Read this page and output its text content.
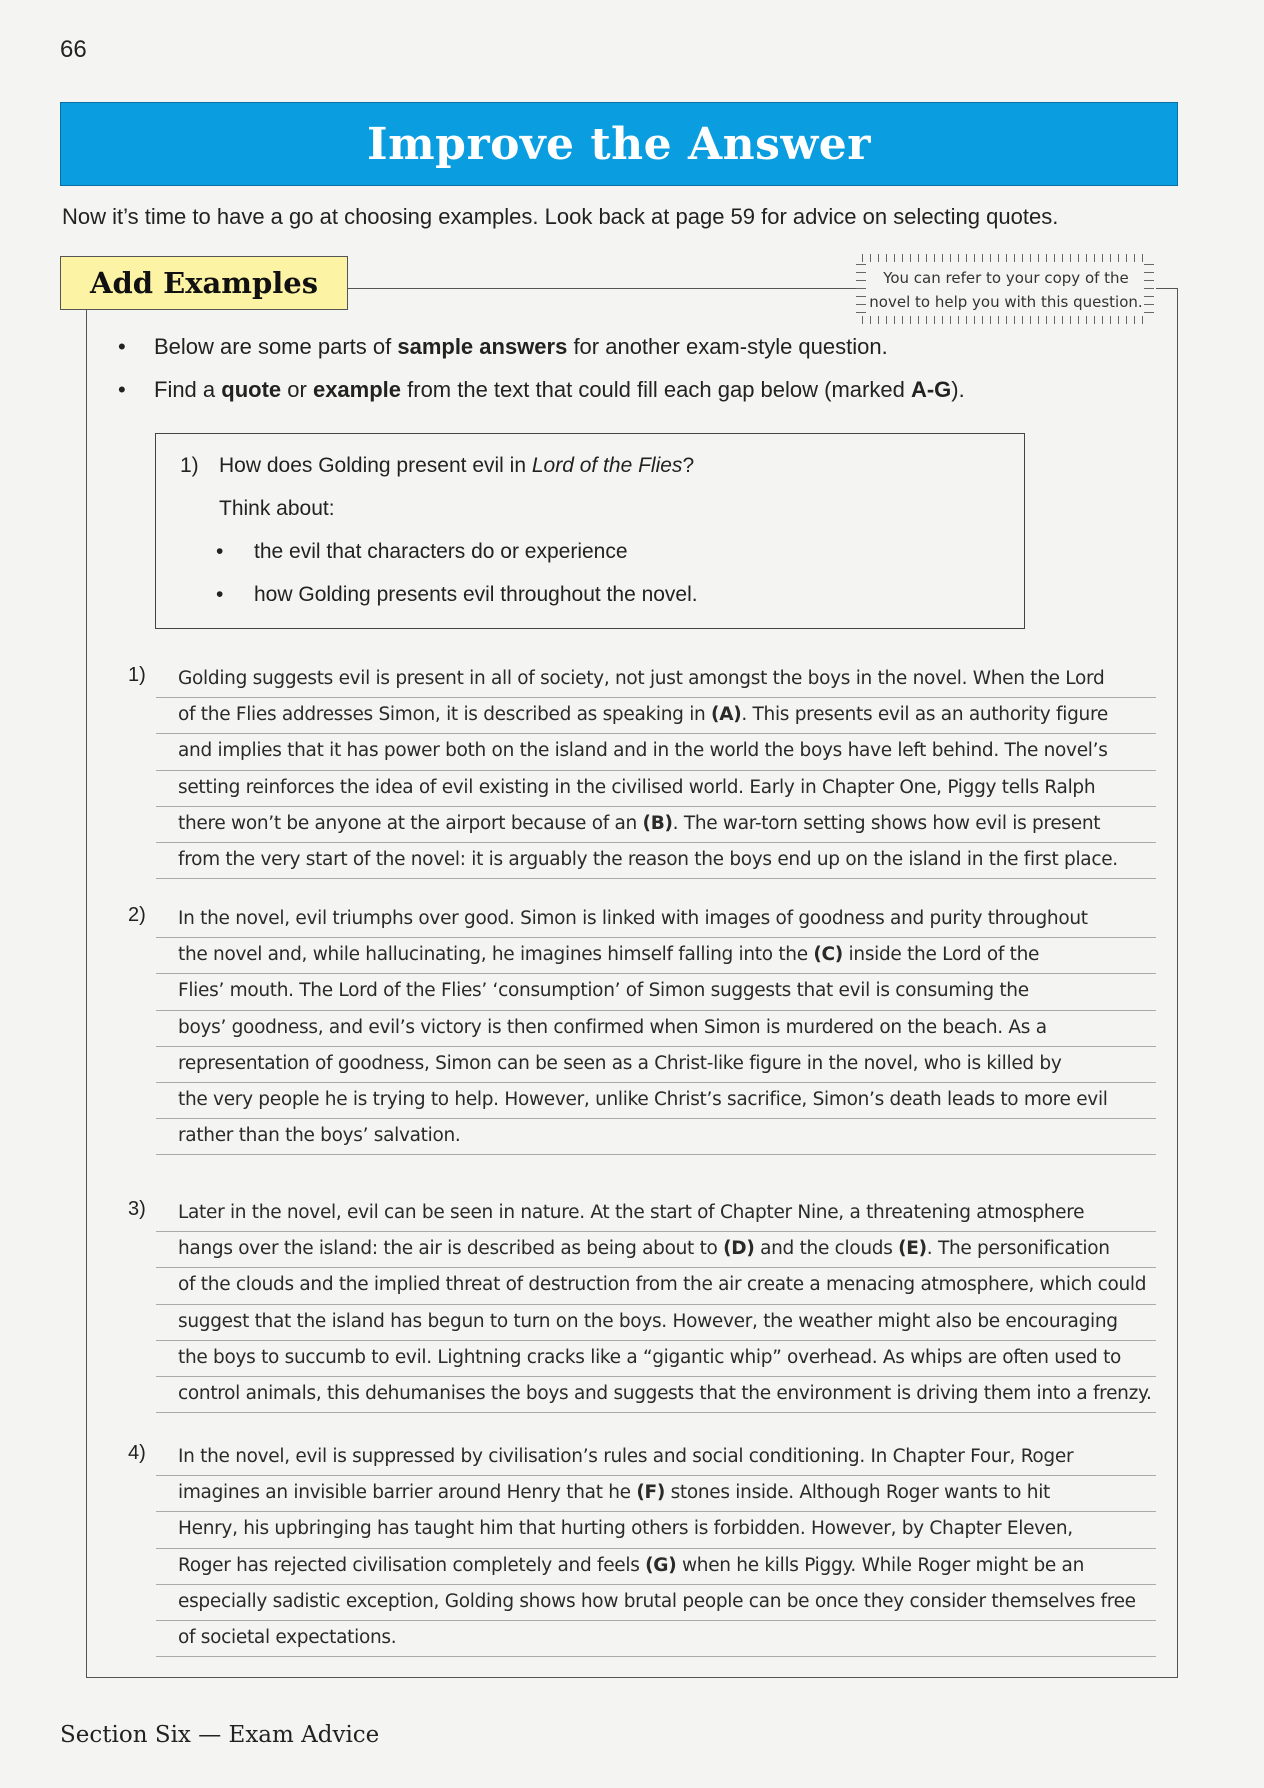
66
Improve the Answer
Now it’s time to have a go at choosing examples. Look back at page 59 for advice on selecting quotes.
Add Examples	You can refer to your copy of the
novel to help you with this question.
• Below are some parts of sample answers for another exam-style question.
• Find a quote or example from the text that could fill each gap below (marked A-G).
1) How does Golding present evil in Lord of the Flies?
Think about:
• the evil that characters do or experience
• how Golding presents evil throughout the novel.
1)	Golding suggests evil is present in all of society, not just amongst the boys in the novel. When the Lord
of the Flies addresses Simon, it is described as speaking in (A). This presents evil as an authority figure
and implies that it has power both on the island and in the world the boys have left behind. The novel’s
setting reinforces the idea of evil existing in the civilised world. Early in Chapter One, Piggy tells Ralph
there won’t be anyone at the airport because of an (B). The war-torn setting shows how evil is present
from the very start of the novel: it is arguably the reason the boys end up on the island in the first place.
2)	In the novel, evil triumphs over good. Simon is linked with images of goodness and purity throughout
the novel and, while hallucinating, he imagines himself falling into the (C) inside the Lord of the
Flies’ mouth. The Lord of the Flies’ ‘consumption’ of Simon suggests that evil is consuming the
boys’ goodness, and evil’s victory is then confirmed when Simon is murdered on the beach. As a
representation of goodness, Simon can be seen as a Christ-like figure in the novel, who is killed by
the very people he is trying to help. However, unlike Christ’s sacrifice, Simon’s death leads to more evil
rather than the boys’ salvation.
3)	Later in the novel, evil can be seen in nature. At the start of Chapter Nine, a threatening atmosphere
hangs over the island: the air is described as being about to (D) and the clouds (E). The personification
of the clouds and the implied threat of destruction from the air create a menacing atmosphere, which could
suggest that the island has begun to turn on the boys. However, the weather might also be encouraging
the boys to succumb to evil. Lightning cracks like a “gigantic whip” overhead. As whips are often used to
control animals, this dehumanises the boys and suggests that the environment is driving them into a frenzy.
4)	In the novel, evil is suppressed by civilisation’s rules and social conditioning. In Chapter Four, Roger
imagines an invisible barrier around Henry that he (F) stones inside. Although Roger wants to hit
Henry, his upbringing has taught him that hurting others is forbidden. However, by Chapter Eleven,
Roger has rejected civilisation completely and feels (G) when he kills Piggy. While Roger might be an
especially sadistic exception, Golding shows how brutal people can be once they consider themselves free
of societal expectations.
Section Six — Exam Advice
